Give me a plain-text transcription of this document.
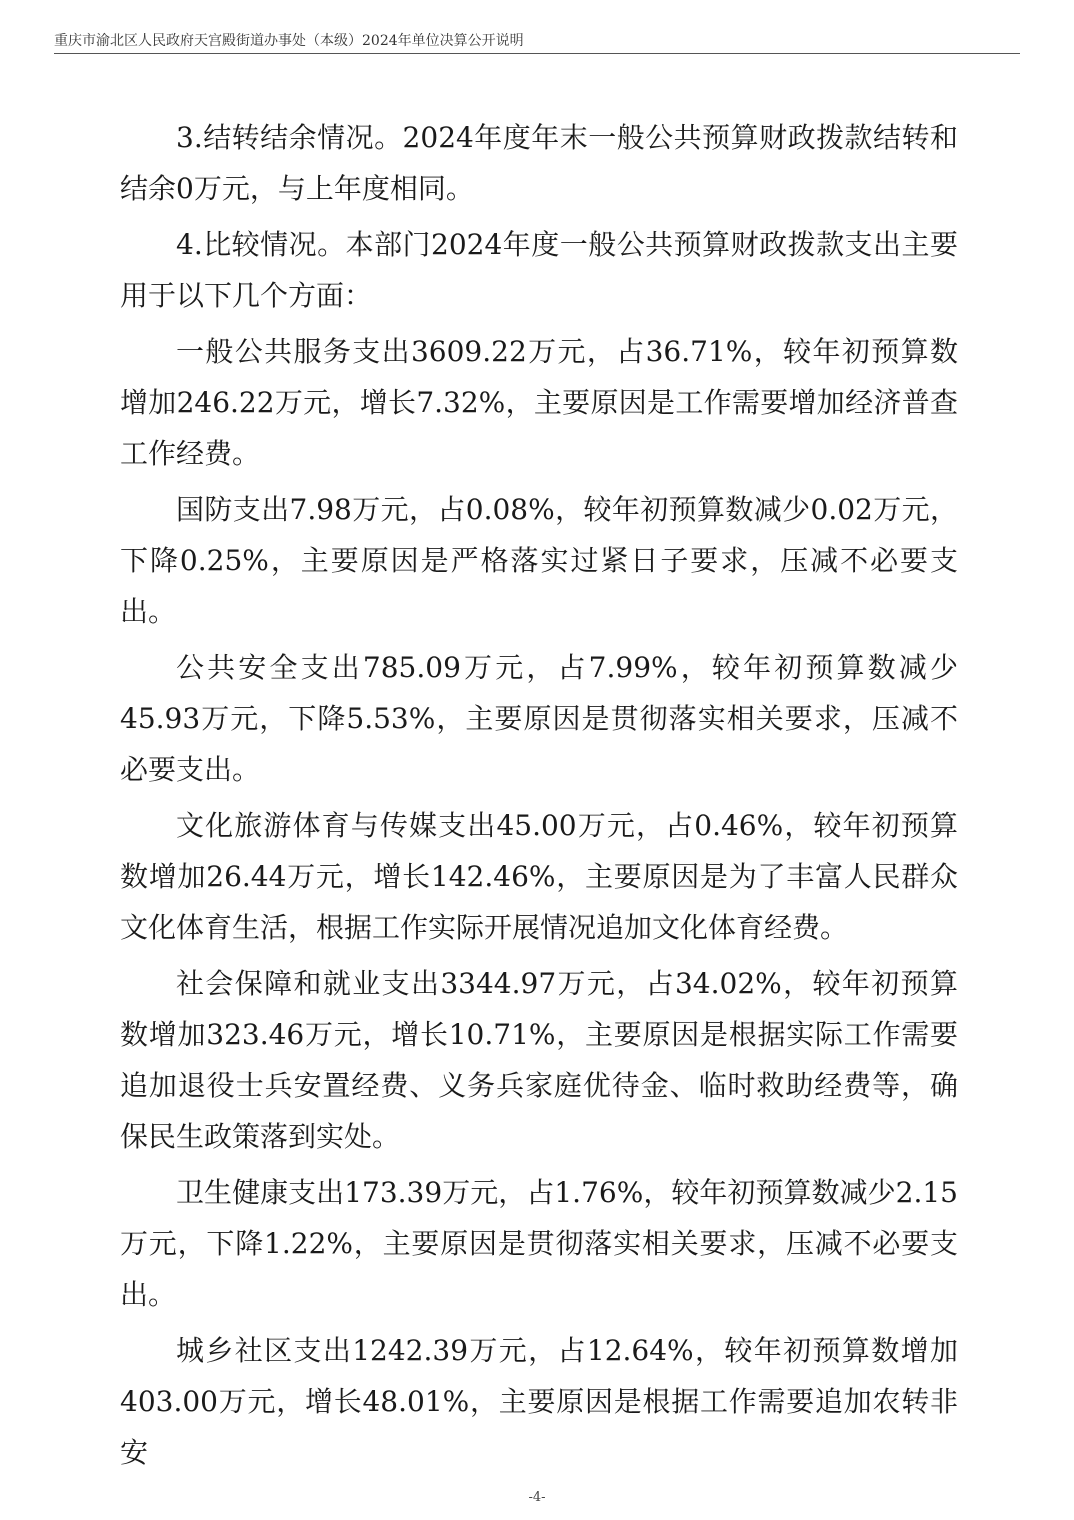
重庆市渝北区人民政府天宫殿街道办事处（本级）2024年单位决算公开说明

3.结转结余情况。2024年度年末一般公共预算财政拨款结转和结余0万元，与上年度相同。

4.比较情况。本部门2024年度一般公共预算财政拨款支出主要用于以下几个方面：

一般公共服务支出3609.22万元，占36.71%，较年初预算数增加246.22万元，增长7.32%，主要原因是工作需要增加经济普查工作经费。

国防支出7.98万元，占0.08%，较年初预算数减少0.02万元，下降0.25%，主要原因是严格落实过紧日子要求，压减不必要支出。

公共安全支出785.09万元，占7.99%，较年初预算数减少45.93万元，下降5.53%，主要原因是贯彻落实相关要求，压减不必要支出。

文化旅游体育与传媒支出45.00万元，占0.46%，较年初预算数增加26.44万元，增长142.46%，主要原因是为了丰富人民群众文化体育生活，根据工作实际开展情况追加文化体育经费。

社会保障和就业支出3344.97万元，占34.02%，较年初预算数增加323.46万元，增长10.71%，主要原因是根据实际工作需要追加退役士兵安置经费、义务兵家庭优待金、临时救助经费等，确保民生政策落到实处。

卫生健康支出173.39万元，占1.76%，较年初预算数减少2.15万元，下降1.22%，主要原因是贯彻落实相关要求，压减不必要支出。

城乡社区支出1242.39万元，占12.64%，较年初预算数增加403.00万元，增长48.01%，主要原因是根据工作需要追加农转非安

-4-
